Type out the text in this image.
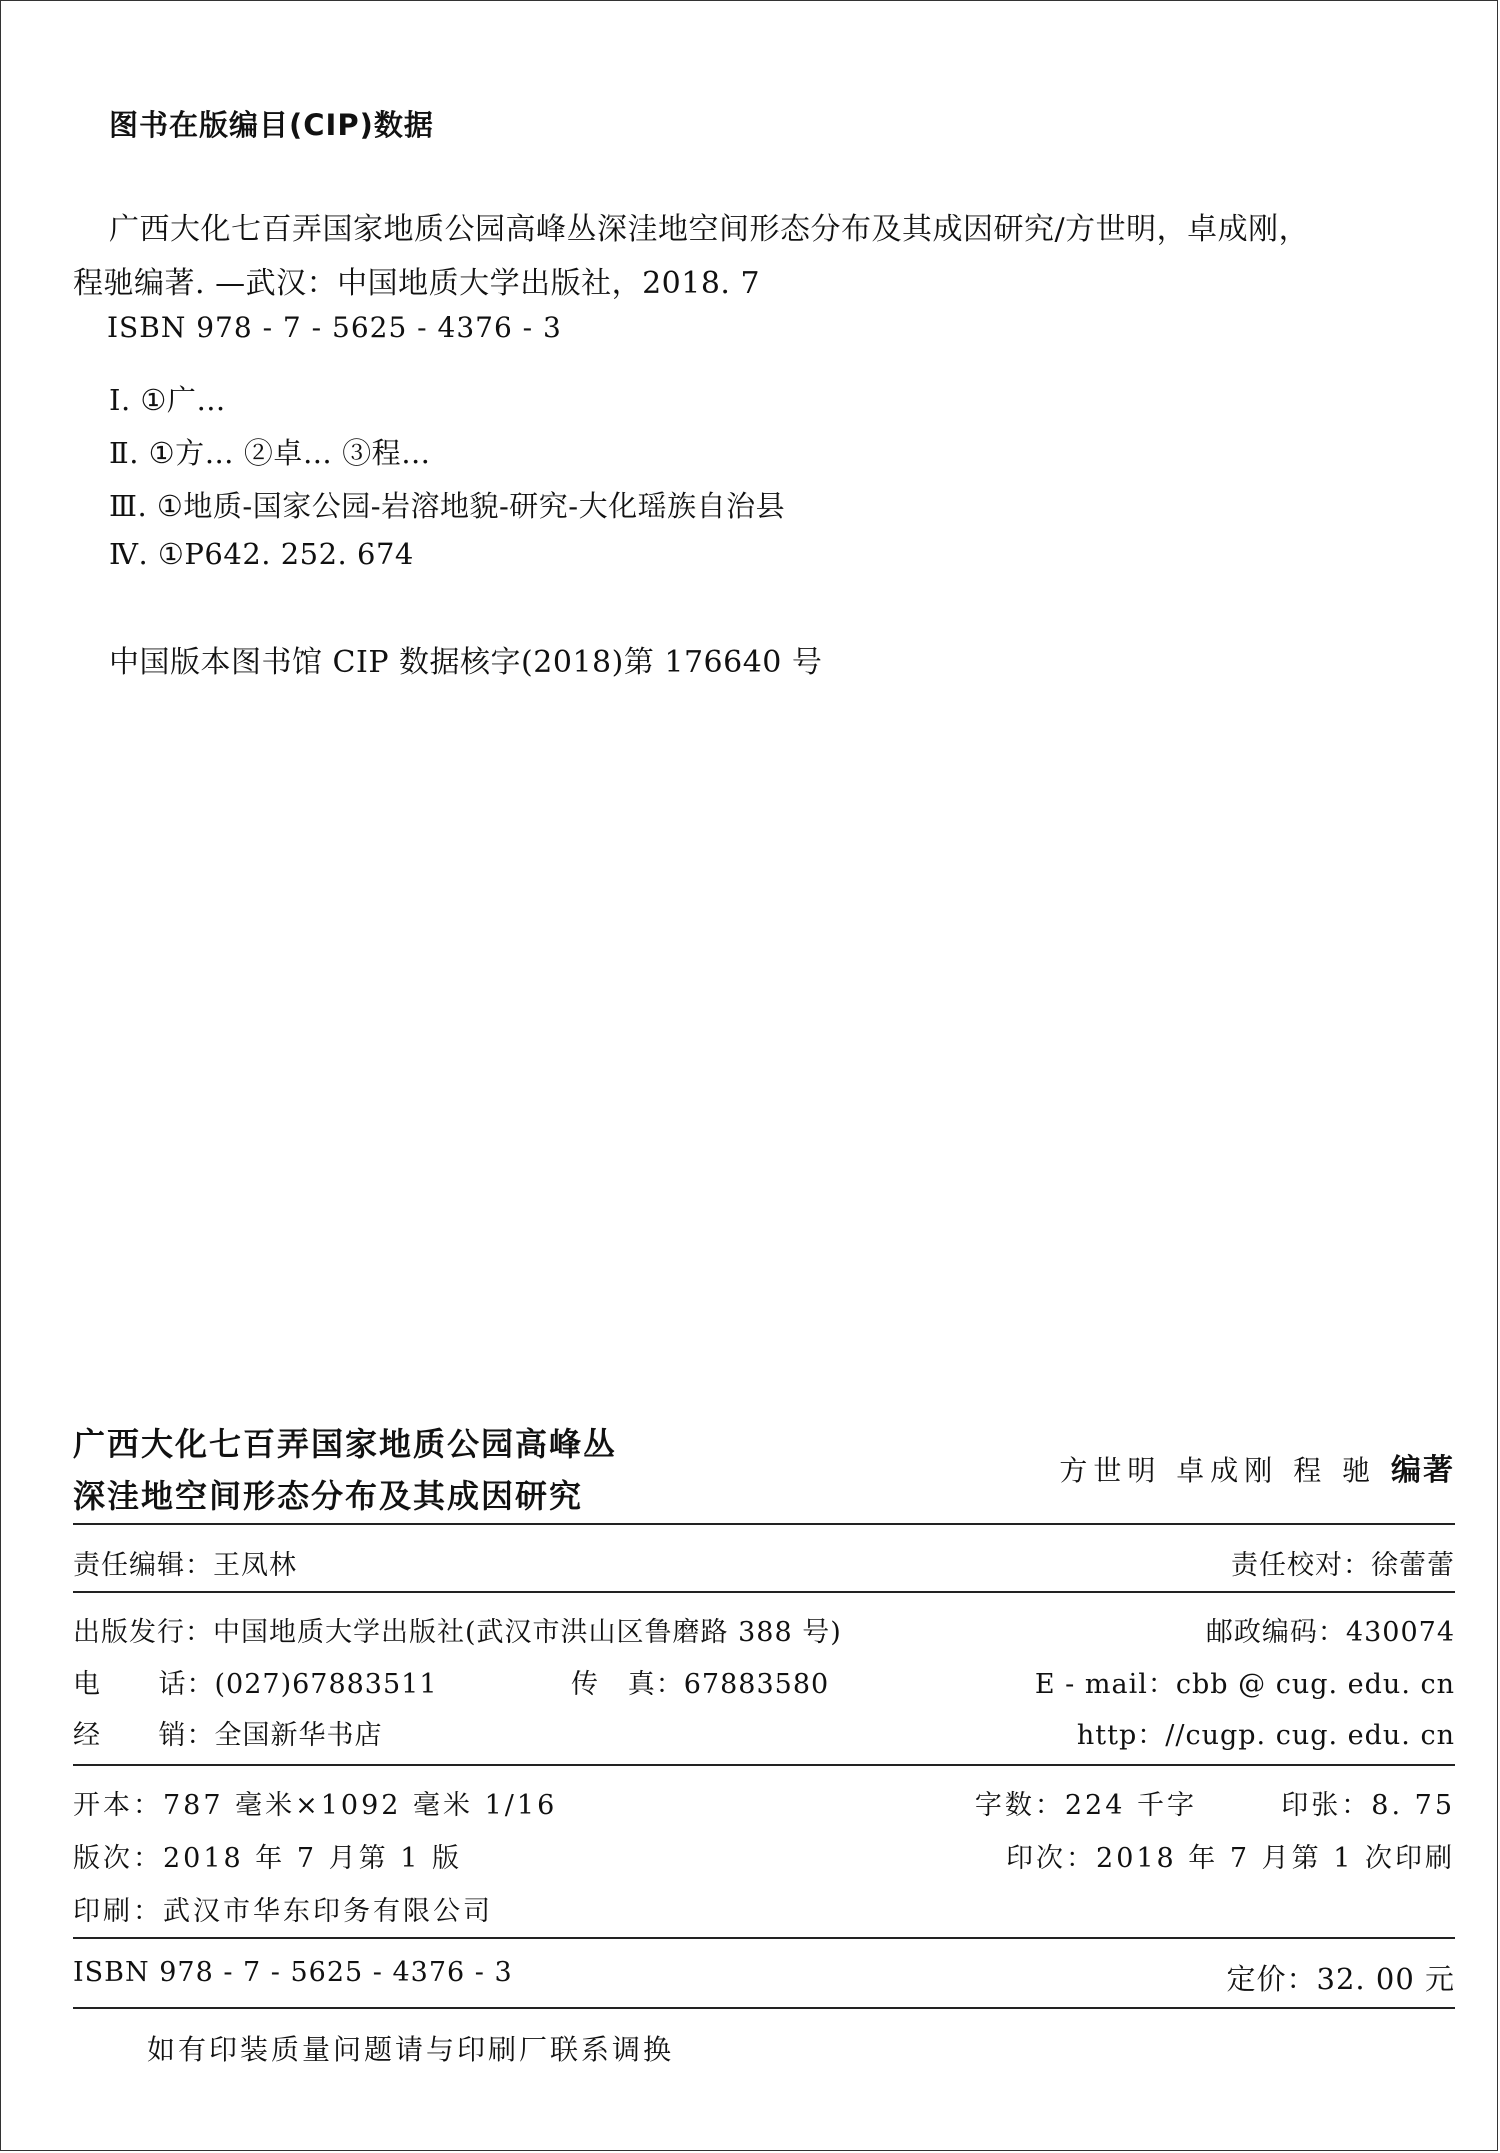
图书在版编目(CIP)数据
广西大化七百弄国家地质公园高峰丛深洼地空间形态分布及其成因研究/方世明，卓成刚，
程驰编著. —武汉：中国地质大学出版社，2018. 7
ISBN 978 - 7 - 5625 - 4376 - 3
Ⅰ. ①广…
Ⅱ. ①方… ②卓… ③程…
Ⅲ. ①地质-国家公园-岩溶地貌-研究-大化瑶族自治县
Ⅳ. ①P642. 252. 674
中国版本图书馆 CIP 数据核字(2018)第 176640 号
广西大化七百弄国家地质公园高峰丛
深洼地空间形态分布及其成因研究
方世明 卓成刚 程 驰 编著
责任编辑：王凤林	责任校对：徐蕾蕾
出版发行：中国地质大学出版社(武汉市洪山区鲁磨路 388 号)	邮政编码：430074
电      话：(027)67883511	传   真：67883580	E - mail：cbb @ cug. edu. cn
经      销：全国新华书店	http：//cugp. cug. edu. cn
开本：787 毫米×1092 毫米 1/16	字数：224 千字	印张：8. 75
版次：2018 年 7 月第 1 版	印次：2018 年 7 月第 1 次印刷
印刷：武汉市华东印务有限公司
ISBN 978 - 7 - 5625 - 4376 - 3	定价：32. 00 元
如有印装质量问题请与印刷厂联系调换
